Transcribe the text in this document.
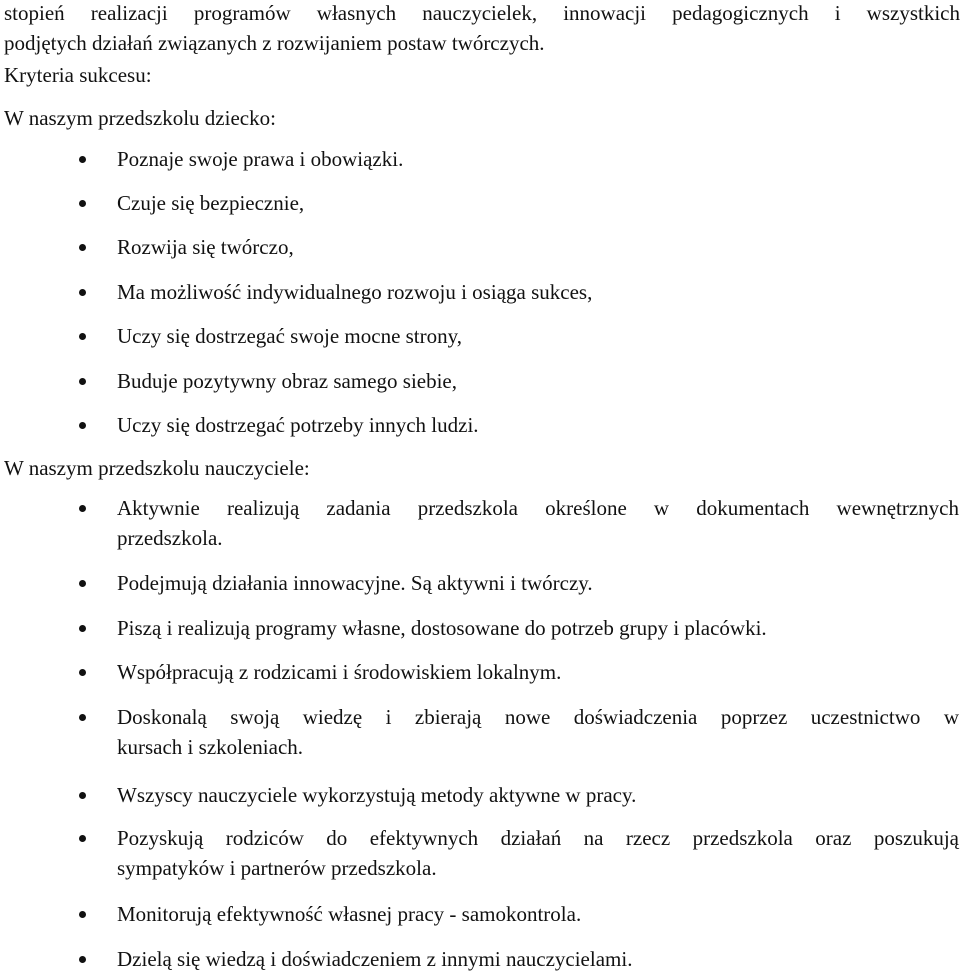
stopień realizacji programów własnych nauczycielek, innowacji pedagogicznych i wszystkich
podjętych działań związanych z rozwijaniem postaw twórczych.
Kryteria sukcesu:
W naszym przedszkolu dziecko:
Poznaje swoje prawa i obowiązki.
Czuje się bezpiecznie,
Rozwija się twórczo,
Ma możliwość indywidualnego rozwoju i osiąga sukces,
Uczy się dostrzegać swoje mocne strony,
Buduje pozytywny obraz samego siebie,
Uczy się dostrzegać potrzeby innych ludzi.
W naszym przedszkolu nauczyciele:
Aktywnie realizują zadania przedszkola określone w dokumentach wewnętrznych
przedszkola.
Podejmują działania innowacyjne. Są aktywni i twórczy.
Piszą i realizują programy własne, dostosowane do potrzeb grupy i placówki.
Współpracują z rodzicami i środowiskiem lokalnym.
Doskonalą swoją wiedzę i zbierają nowe doświadczenia poprzez uczestnictwo w
kursach i szkoleniach.
Wszyscy nauczyciele wykorzystują metody aktywne w pracy.
Pozyskują rodziców do efektywnych działań na rzecz przedszkola oraz poszukują
sympatyków i partnerów przedszkola.
Monitorują efektywność własnej pracy - samokontrola.
Dzielą się wiedzą i doświadczeniem z innymi nauczycielami.
